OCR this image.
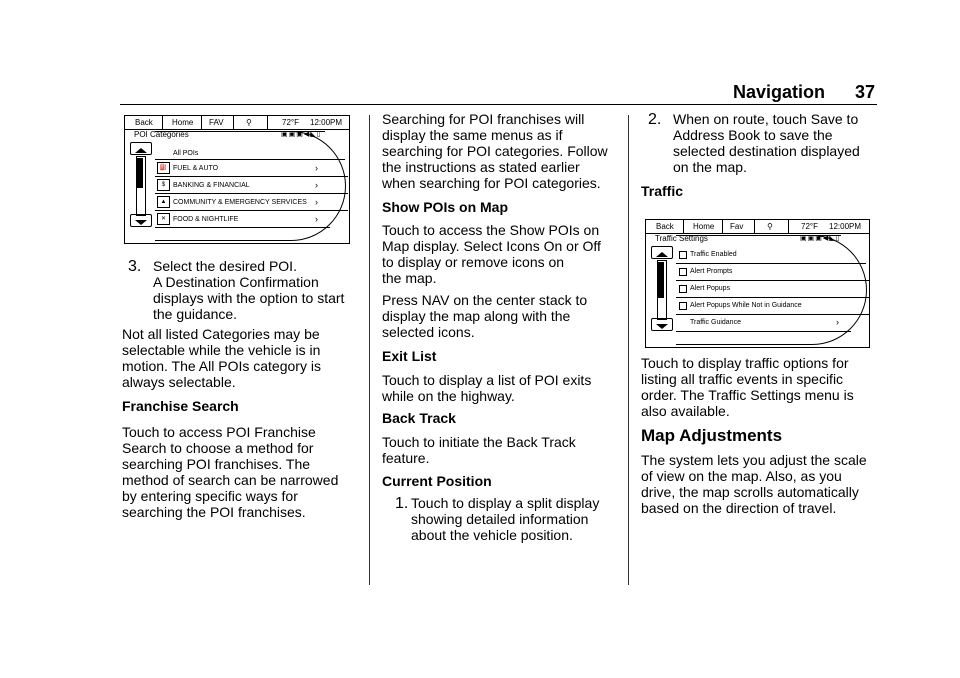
Navigation 37
Back Home FAV	⚲	72°F 12:00PM
POI Categories	▣▣▣◀◣▯
All POIs
⛽ FUEL & AUTO	›
$	BANKING & FINANCIAL	›
▲ COMMUNITY & EMERGENCY SERVICES ›
✕ FOOD & NIGHTLIFE	›
3. Select the desired POI.

A Destination Confirmation

displays with the option to start

the guidance.

Not all listed Categories may be

selectable while the vehicle is in

motion. The All POIs category is

always selectable.

Franchise Search

Touch to access POI Franchise

Search to choose a method for

searching POI franchises. The

method of search can be narrowed

by entering specific ways for

searching the POI franchises.

Searching for POI franchises will

display the same menus as if

searching for POI categories. Follow

the instructions as stated earlier

when searching for POI categories.

Show POIs on Map

Touch to access the Show POIs on

Map display. Select Icons On or Off

to display or remove icons on

the map.

Press NAV on the center stack to

display the map along with the

selected icons.

Exit List

Touch to display a list of POI exits

while on the highway.

Back Track

Touch to initiate the Back Track

feature.

Current Position
1. Touch to display a split display

showing detailed information

about the vehicle position.

2. When on route, touch Save to

Address Book to save the

selected destination displayed

on the map.

Traffic
Back Home Fav	⚲	72°F 12:00PM
Traffic Settings	▣▣▣◀◣▯
Traffic Enabled
Alert Prompts
Alert Popups
Alert Popups While Not in Guidance
Traffic Guidance	›

Touch to display traffic options for

listing all traffic events in specific

order. The Traffic Settings menu is

also available.

Map Adjustments

The system lets you adjust the scale

of view on the map. Also, as you

drive, the map scrolls automatically

based on the direction of travel.
